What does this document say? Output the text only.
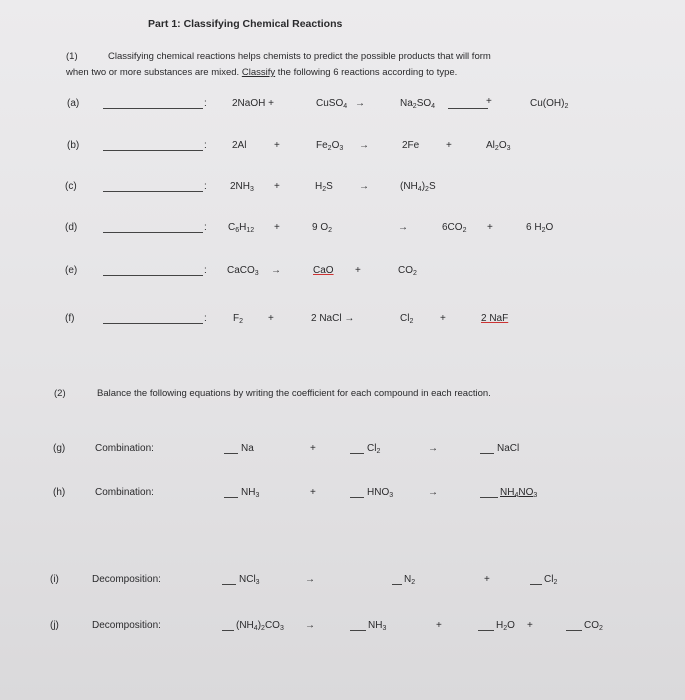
Part 1: Classifying Chemical Reactions
(1)	Classifying chemical reactions helps chemists to predict the possible products that will form
when two or more substances are mixed. Classify the following 6 reactions according to type.
(a)	:	2NaOH +	CuSO$_4$ →	$Na_2SO_4$	+	$Cu(OH)_2$
(b)	:	2Al	+	$Fe_2O_3$ →	2Fe	+	$Al_2O_3$
(c)	: $2NH_3$ +	$H_2S$	→	$(NH_4)_2S$
(d)	: $C_6H_{12}$ +	9 $O_2$	→	$6CO_2$ +	6 $H_2O$
(e)	: CaCO$_3$ →	CaO +	$CO_2$
(f)	:	$F_2$ +	2 NaCl →	$Cl_2$	+	2 NaF
(2)	Balance the following equations by writing the coefficient for each compound in each reaction.
(g)	Combination:	Na	+	$Cl_2$	→	NaCl
(h)	Combination:	$NH_3$	+	$HNO_3$	→	$NH_4NO_3$
(i)	Decomposition:	NCl$_3$	→	$N_2$	+	$Cl_2$
(j)	Decomposition:	$(NH_4)_2CO_3$ →	$NH_3$	+	$H_2O$ +	$CO_2$
